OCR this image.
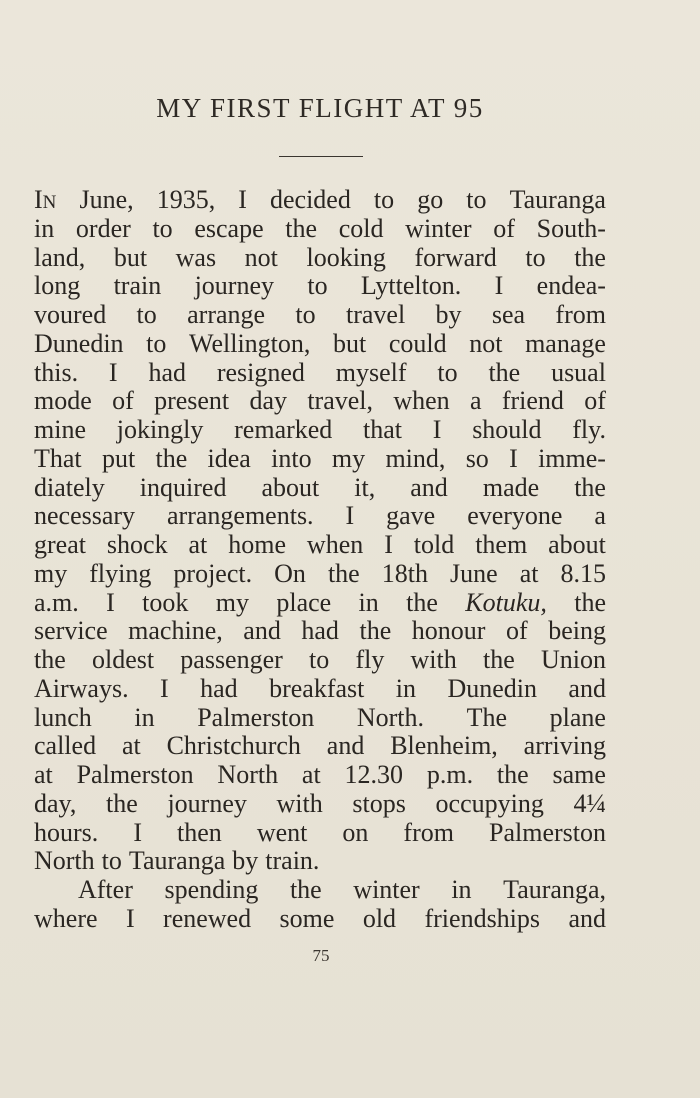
MY FIRST FLIGHT AT 95
IN June, 1935, I decided to go to Tauranga
in order to escape the cold winter of South-
land, but was not looking forward to the
long train journey to Lyttelton. I endea-
voured to arrange to travel by sea from
Dunedin to Wellington, but could not manage
this. I had resigned myself to the usual
mode of present day travel, when a friend of
mine jokingly remarked that I should fly.
That put the idea into my mind, so I imme-
diately inquired about it, and made the
necessary arrangements. I gave everyone a
great shock at home when I told them about
my flying project. On the 18th June at 8.15
a.m. I took my place in the Kotuku, the
service machine, and had the honour of being
the oldest passenger to fly with the Union
Airways. I had breakfast in Dunedin and
lunch in Palmerston North. The plane
called at Christchurch and Blenheim, arriving
at Palmerston North at 12.30 p.m. the same
day, the journey with stops occupying 4¼
hours. I then went on from Palmerston
North to Tauranga by train.
After spending the winter in Tauranga,
where I renewed some old friendships and
75
